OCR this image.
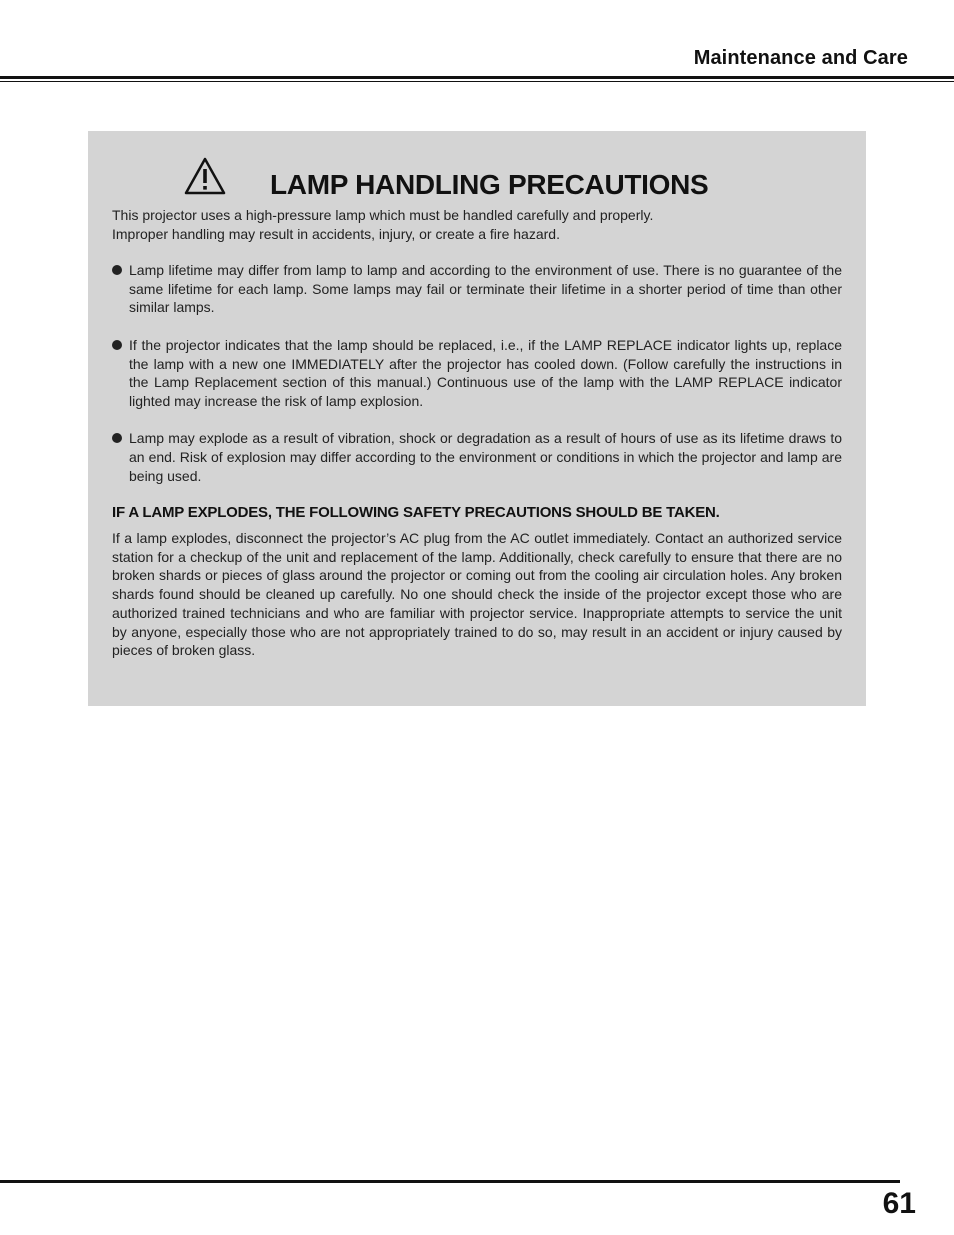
Maintenance and Care
LAMP HANDLING PRECAUTIONS

This projector uses a high-pressure lamp which must be handled carefully and properly.

Improper handling may result in accidents, injury, or create a fire hazard.

Lamp lifetime may differ from lamp to lamp and according to the environment of use. There is no guarantee of the same lifetime for each lamp. Some lamps may fail or terminate their lifetime in a shorter period of time than other similar lamps.
If the projector indicates that the lamp should be replaced, i.e., if the LAMP REPLACE indicator lights up, replace the lamp with a new one IMMEDIATELY after the projector has cooled down. (Follow carefully the instructions in the Lamp Replacement section of this manual.) Continuous use of the lamp with the LAMP REPLACE indicator lighted may increase the risk of lamp explosion.
Lamp may explode as a result of vibration, shock or degradation as a result of hours of use as its lifetime draws to an end. Risk of explosion may differ according to the environment or conditions in which the projector and lamp are being used.
IF A LAMP EXPLODES, THE FOLLOWING SAFETY PRECAUTIONS SHOULD BE TAKEN.

If a lamp explodes, disconnect the projector’s AC plug from the AC outlet immediately. Contact an authorized service station for a checkup of the unit and replacement of the lamp. Additionally, check carefully to ensure that there are no broken shards or pieces of glass around the projector or coming out from the cooling air circulation holes. Any broken shards found should be cleaned up carefully. No one should check the inside of the projector except those who are authorized trained technicians and who are familiar with projector service. Inappropriate attempts to service the unit by anyone, especially those who are not appropriately trained to do so, may result in an accident or injury caused by pieces of broken glass.

61
